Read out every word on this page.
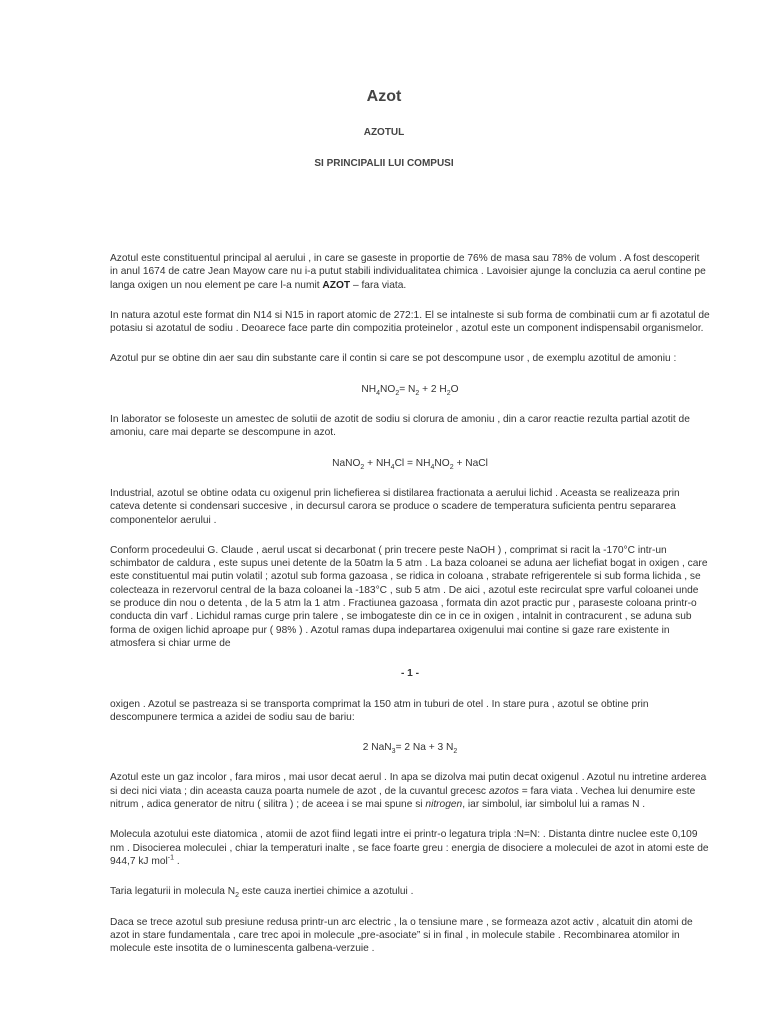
Azot
AZOTUL
SI PRINCIPALII LUI COMPUSI

Azotul este constituentul principal al aerului , in care se gaseste in proportie de 76% de masa sau 78% de volum . A fost descoperit in anul 1674 de catre Jean Mayow care nu i-a putut stabili individualitatea chimica . Lavoisier ajunge la concluzia ca aerul contine pe langa oxigen un nou element pe care l-a numit AZOT – fara viata.

In natura azotul este format din N14 si N15 in raport atomic de 272:1. El se intalneste si sub forma de combinatii cum ar fi azotatul de potasiu si azotatul de sodiu . Deoarece face parte din compozitia proteinelor , azotul este un component indispensabil organismelor.

Azotul pur se obtine din aer sau din substante care il contin si care se pot descompune usor , de exemplu azotitul de amoniu :

$NH_4NO_2= N_2 + 2$ $H_2O$

In laborator se foloseste un amestec de solutii de azotit de sodiu si clorura de amoniu , din a caror reactie rezulta partial azotit de amoniu, care mai departe se descompune in azot.

NaNO$_2$ + $NH_4Cl = NH_4NO_2$ + NaCl

Industrial, azotul se obtine odata cu oxigenul prin lichefierea si distilarea fractionata a aerului lichid . Aceasta se realizeaza prin cateva detente si condensari succesive , in decursul carora se produce o scadere de temperatura suficienta pentru separarea componentelor aerului .

Conform procedeului G. Claude , aerul uscat si decarbonat ( prin trecere peste NaOH ) , comprimat si racit la -170°C intr-un schimbator de caldura , este supus unei detente de la 50atm la 5 atm . La baza coloanei se aduna aer lichefiat bogat in oxigen , care este constituentul mai putin volatil ; azotul sub forma gazoasa , se ridica in coloana , strabate refrigerentele si sub forma lichida , se colecteaza in rezervorul central de la baza coloanei la -183°C , sub 5 atm . De aici , azotul este recirculat spre varful coloanei unde se produce din nou o detenta , de la 5 atm la 1 atm . Fractiunea gazoasa , formata din azot practic pur , paraseste coloana printr-o conducta din varf . Lichidul ramas curge prin talere , se imbogateste din ce in ce in oxigen , intalnit in contracurent , se aduna sub forma de oxigen lichid aproape pur ( 98% ) . Azotul ramas dupa indepartarea oxigenului mai contine si gaze rare existente in atmosfera si chiar urme de

- 1 -

oxigen . Azotul se pastreaza si se transporta comprimat la 150 atm in tuburi de otel . In stare pura , azotul se obtine prin descompunere termica a azidei de sodiu sau de bariu:

2 NaN$_3$= 2 Na + 3 $N_2$

Azotul este un gaz incolor , fara miros , mai usor decat aerul . In apa se dizolva mai putin decat oxigenul . Azotul nu intretine arderea si deci nici viata ; din aceasta cauza poarta numele de azot , de la cuvantul grecesc azotos = fara viata . Vechea lui denumire este nitrum , adica generator de nitru ( silitra ) ; de aceea i se mai spune si nitrogen, iar simbolul, iar simbolul lui a ramas N .

Molecula azotului este diatomica , atomii de azot fiind legati intre ei printr-o legatura tripla :N=N: . Distanta dintre nuclee este 0,109 nm . Disocierea moleculei , chiar la temperaturi inalte , se face foarte greu : energia de disociere a moleculei de azot in atomi este de 944,7 kJ mol$^{-1}$ .

Taria legaturii in molecula $N_2$ este cauza inertiei chimice a azotului .

Daca se trece azotul sub presiune redusa printr-un arc electric , la o tensiune mare , se formeaza azot activ , alcatuit din atomi de azot in stare fundamentala , care trec apoi in molecule „pre-asociate” si in final , in molecule stabile . Recombinarea atomilor in molecule este insotita de o luminescenta galbena-verzuie .
